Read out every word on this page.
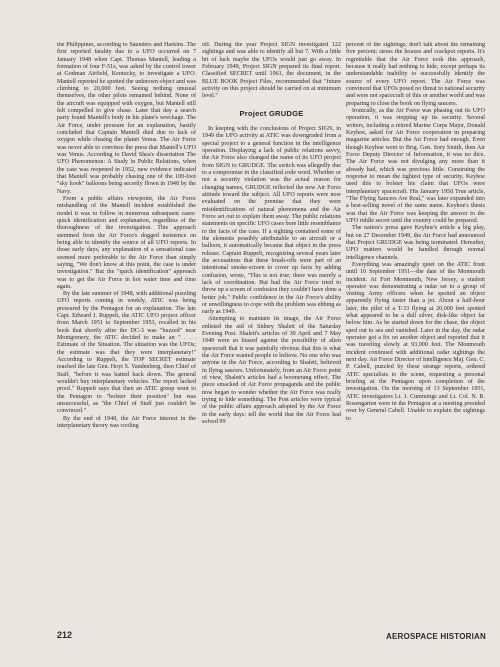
the Philippines, according to Saunders and Harkins. The first reported fatality due to a UFO occurred on 7 January 1948 when Capt. Thomas Mantell, leading a formation of four F-51s, was asked by the control tower at Godman Airfield, Kentucky, to investigate a UFO. Mantell reported he spotted the unknown object and was climbing to 20,000 feet. Seeing nothing unusual themselves, the other pilots remained behind. None of the aircraft was equipped with oxygen, but Mantell still felt compelled to give chase. Later that day a search party found Mantell's body in his plane's wreckage. The Air Force, under pressure for an explanation, hastily concluded that Captain Mantell died due to lack of oxygen while chasing the planet Venus. The Air Force was never able to convince the press that Mantell's UFO was Venus. According to David Shea's dissertation The UFO Phenomenon: A Study in Public Relations, when the case was reopened in 1952, new evidence indicated that Mantell was probably chasing one of the 100-foot "sky hook" balloons being secretly flown in 1948 by the Navy.

From a public affairs viewpoint, the Air Force mishandling of the Mantell incident established the model it was to follow in numerous subsequent cases: quick identification and explanation, regardless of the thoroughness of the investigation. This approach stemmed from the Air Force's dogged insistence on being able to identify the source of all UFO reports. In those early days, any explanation of a sensational case seemed more preferable to the Air Force than simply saying, "We don't know at this point, the case is under investigation." But the "quick identification" approach was to get the Air Force in hot water time and time again.

By the late summer of 1948, with additional puzzling UFO reports coming in weekly, ATIC was being pressured by the Pentagon for an explanation. The late Capt. Edward J. Ruppelt, the ATIC UFO project officer from March 1951 to September 1953, recalled in his book that shortly after the DC-3 was "buzzed" near Montgomery, the ATIC decided to make an " . . . Estimate of the Situation. The situation was the UFOs; the estimate was that they were interplanetary!" According to Ruppelt, the TOP SECRET estimate reached the late Gen. Hoyt S. Vandenberg, then Chief of Staff, "before it was batted back down. The general wouldn't buy interplanetary vehicles. The report lacked proof." Ruppelt says that then an ATIC group went to the Pentagon to "bolster their position" but was unsuccessful, as "the Chief of Staff just couldn't be convinced."

By the end of 1948, the Air Force interest in the interplanetary theory was cooling

off. During the year Project SIGN investigated 122 sightings and was able to identify all but 7. With a little bit of luck maybe the UFOs would just go away. In February 1949, Project SIGN prepared its final report. Classified SECRET until 1961, the document, in the BLUE BOOK Project Files, recommended that "future activity on this project should be carried on at minimum level."

Project GRUDGE

In keeping with the conclusions of Project SIGN, in 1949 the UFO activity at ATIC was downgraded from a special project to a general function in the intelligence operation. Displaying a lack of public relations savvy, the Air Force also changed the name of its UFO project from SIGN to GRUDGE. The switch was allegedly due to a compromise in the classified code word. Whether or not a security violation was the actual reason for changing names, GRUDGE reflected the new Air Force attitude toward the subject. All UFO reports were now evaluated on the premise that they were misidentifications of natural phenomena and the Air Force set out to explain them away. The public relations statements on specific UFO cases bore little resemblance to the facts of the case. If a sighting contained some of the elements possibly attributable to an aircraft or a balloon, it automatically became that object in the press release. Captain Ruppelt, recognizing several years later the accusations that these brush-offs were part of an intentional smoke-screen to cover up facts by adding confusion, wrote, "This is not true; there was merely a lack of coordination. But had the Air Force tried to throw up a screen of confusion they couldn't have done a better job." Public confidence in the Air Force's ability or unwillingness to cope with the problem was ebbing as early as 1949.

Attempting to maintain its image, the Air Force enlisted the aid of Sidney Shalett of the Saturday Evening Post. Shalett's articles of 30 April and 7 May 1949 were so biased against the possibility of alien spacecraft that it was painfully obvious that this is what the Air Force wanted people to believe. No one who was anyone in the Air Force, according to Shalett, believed in flying saucers. Unfortunately, from an Air Force point of view, Shalett's articles had a boomerang effect. The piece smacked of Air Force propaganda and the public now began to wonder whether the Air Force was really trying to hide something. The Post articles were typical of the public affairs approach adopted by the Air Force in the early days: tell the world that the Air Force had solved 99

percent of the sightings; don't talk about the remaining five percent; stress the hoaxes and crackpot reports. It's regrettable that the Air Force took this approach, because it really had nothing to hide, except perhaps its understandable inability to successfully identify the source of every UFO report. The Air Force was convinced that UFOs posed no threat to national security and were not spacecraft of this or another world and was preparing to close the book on flying saucers.

Ironically, as the Air Force was phasing out its UFO operation, it was stepping up its security. Several writers, including a retired Marine Corps Major, Donald Keyhoe, asked for Air Force cooperation in preparing magazine articles. But the Air Force had enough. Even though Keyhoe went to Brig. Gen. Sory Smith, then Air Force Deputy Director of Information, it was no dice. The Air Force was not divulging any more than it already had, which was precious little. Construing the response to mean the tightest type of security, Keyhoe used this to bolster his claim that UFOs were interplanetary spacecraft. His January 1950 True article, "The Flying Saucers Are Real," was later expanded into a best-selling novel of the same name. Keyhoe's thesis was that the Air Force was keeping the answer to the UFO riddle secret until the country could be prepared.

The nation's press gave Keyhoe's article a big play, but on 27 December 1949, the Air Force had announced that Project GRUDGE was being terminated. Hereafter, UFO matters would be handled through normal intelligence channels.

Everything was amazingly quiet on the ATIC front until 10 September 1951—the date of the Monmouth incident. At Fort Monmouth, New Jersey, a student operator was demonstrating a radar set to a group of visiting Army officers when he spotted an object apparently flying faster than a jet. About a half-hour later, the pilot of a T-33 flying at 20,000 feet spotted what appeared to be a dull silver, disk-like object far below him. As he started down for the chase, the object sped out to sea and vanished. Later in the day, the radar operator got a fix on another object and reported that it was traveling slowly at 93,000 feet. The Monmouth incident continued with additional radar sightings the next day. Air Force Director of Intelligence Maj. Gen. C. P. Cabell, puzzled by these strange reports, ordered ATIC specialists to the scene, requesting a personal briefing at the Pentagon upon completion of the investigation. On the morning of 13 September 1951, ATIC investigators Lt. J. Cummings and Lt. Col. N. R. Rosengarten were in the Pentagon at a meeting presided over by General Cabell. Unable to explain the sightings to

212	AEROSPACE HISTORIAN
